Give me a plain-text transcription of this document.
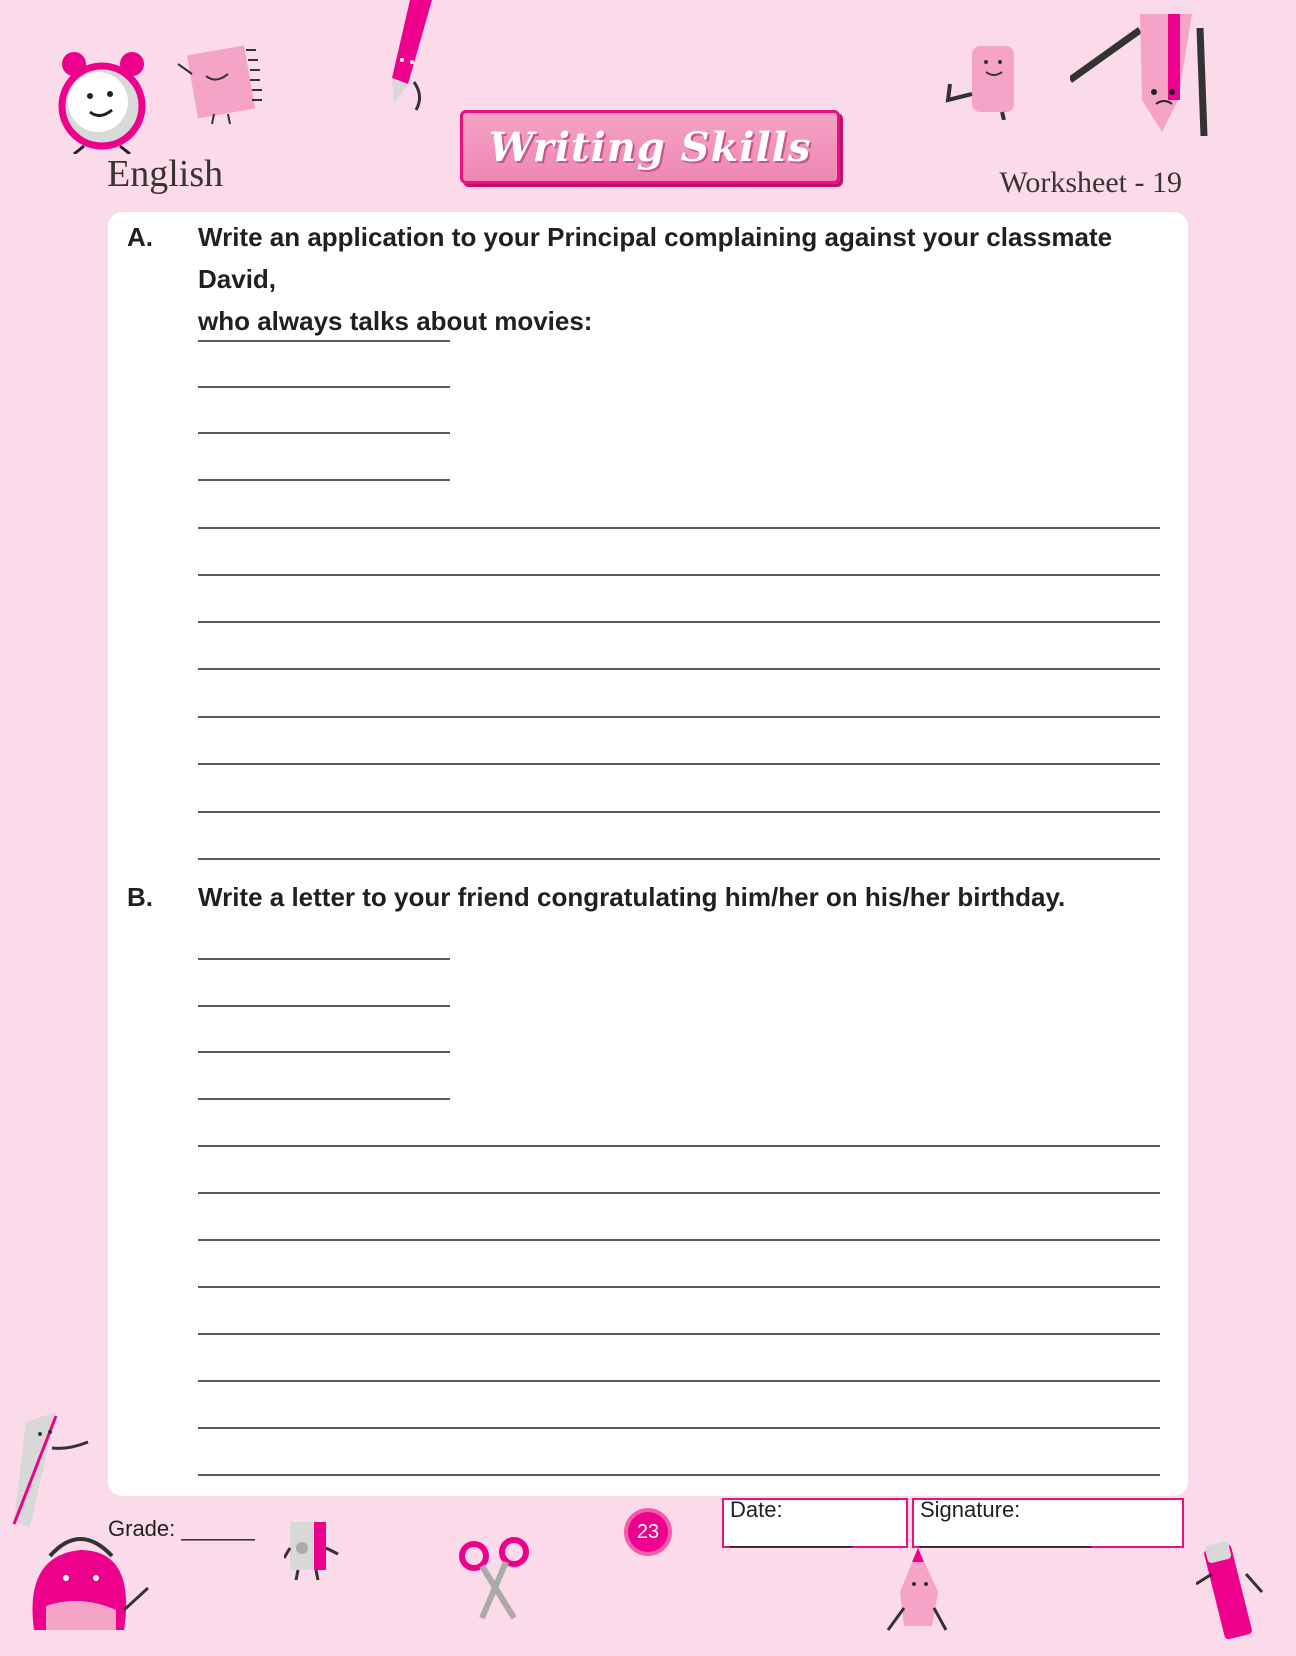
English
Writing Skills
Worksheet - 19
A. Write an application to your Principal complaining against your classmate David,
who always talks about movies:
B. Write a letter to your friend congratulating him/her on his/her birthday.
Grade: ______	23
Date: __________
Signature: ______________
